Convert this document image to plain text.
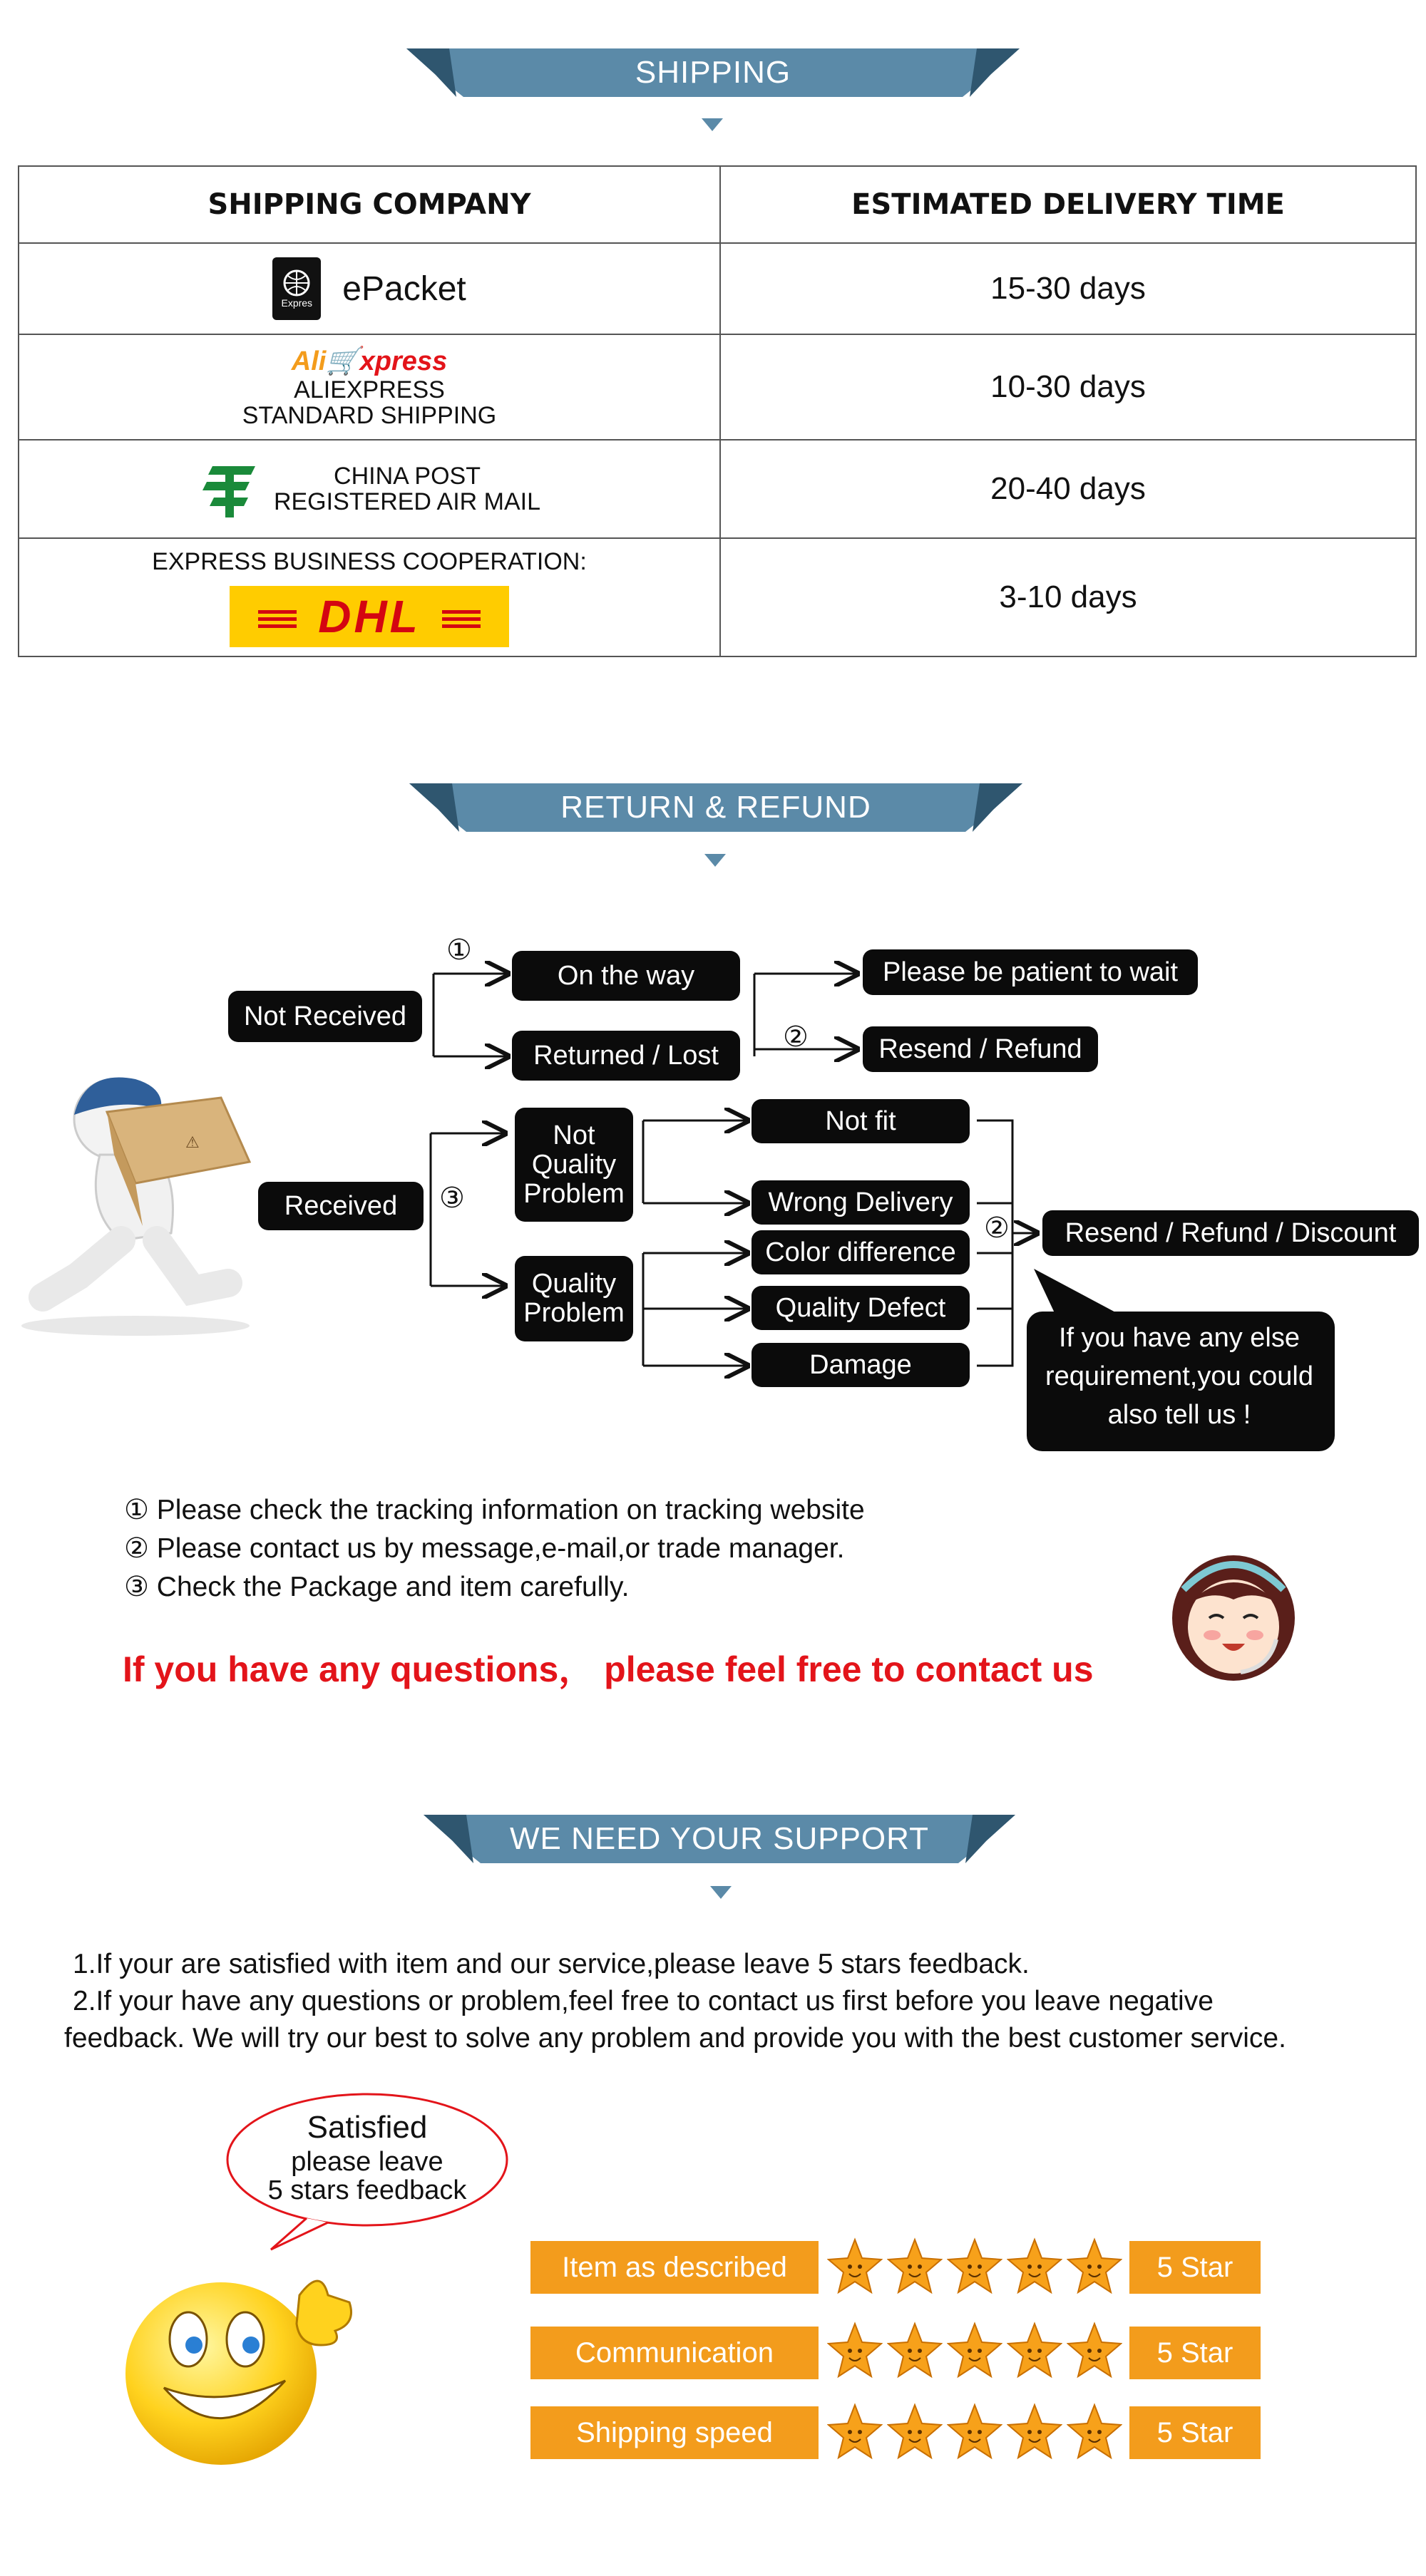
SHIPPING
SHIPPING COMPANY	ESTIMATED DELIVERY TIME

Expres ePacket	15-30 days

Ali🛒xpress
ALIEXPRESS
STANDARD SHIPPING	10-30 days

CHINA POST
REGISTERED AIR MAIL	20-40 days

EXPRESS BUSINESS COOPERATION:
DHL	3-10 days
RETURN & REFUND
①
②
③
②
Not Received
On the way
Returned / Lost
Please be patient to wait
Resend / Refund
Received
Not Quality Problem
Quality Problem
Not fit
Wrong Delivery
Color difference
Quality Defect
Damage
Resend / Refund / Discount
If you have any else requirement,you could also tell us !
⚠
① Please check the tracking information on tracking website
② Please contact us by message,e-mail,or trade manager.
③ Check the Package and item carefully.
If you have any questions， please feel free to contact us
WE NEED YOUR SUPPORT
1.If your are satisfied with item and our service,please leave 5 stars feedback.
2.If your have any questions or problem,feel free to contact us first before you leave negative
feedback. We will try our best to solve any problem and provide you with the best customer service.
Satisfied
please leave
5 stars feedback
Item as described	5 Star
Communication	5 Star
Shipping speed	5 Star
